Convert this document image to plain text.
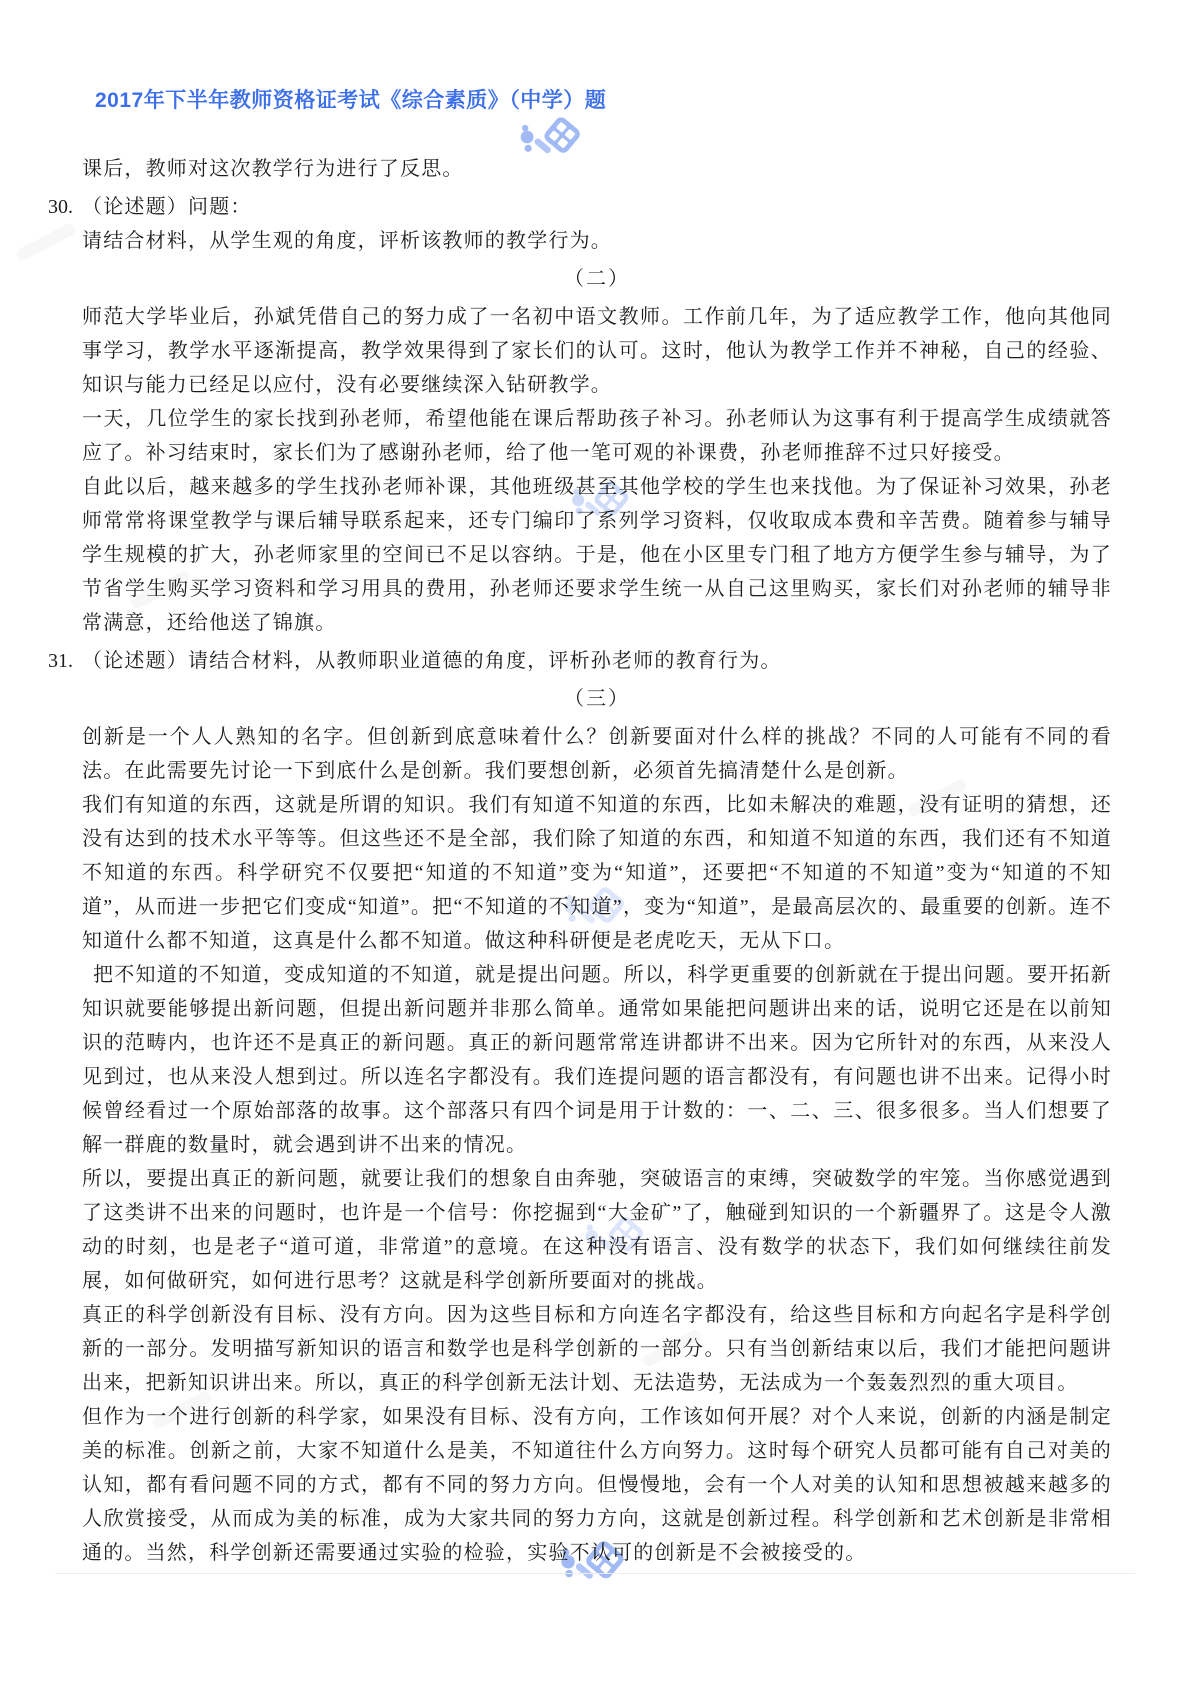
2017年下半年教师资格证考试《综合素质》（中学）题

课后，教师对这次教学行为进行了反思。

30. （论述题）问题：
请结合材料，从学生观的角度，评析该教师的教学行为。
（二）

师范大学毕业后，孙斌凭借自己的努力成了一名初中语文教师。工作前几年，为了适应教学工作，他向其他同事学习，教学水平逐渐提高，教学效果得到了家长们的认可。这时，他认为教学工作并不神秘，自己的经验、知识与能力已经足以应付，没有必要继续深入钻研教学。

一天，几位学生的家长找到孙老师，希望他能在课后帮助孩子补习。孙老师认为这事有利于提高学生成绩就答应了。补习结束时，家长们为了感谢孙老师，给了他一笔可观的补课费，孙老师推辞不过只好接受。

自此以后，越来越多的学生找孙老师补课，其他班级甚至其他学校的学生也来找他。为了保证补习效果，孙老师常常将课堂教学与课后辅导联系起来，还专门编印了系列学习资料，仅收取成本费和辛苦费。随着参与辅导学生规模的扩大，孙老师家里的空间已不足以容纳。于是，他在小区里专门租了地方方便学生参与辅导，为了节省学生购买学习资料和学习用具的费用，孙老师还要求学生统一从自己这里购买，家长们对孙老师的辅导非常满意，还给他送了锦旗。

31. （论述题）请结合材料，从教师职业道德的角度，评析孙老师的教育行为。
（三）

创新是一个人人熟知的名字。但创新到底意味着什么？创新要面对什么样的挑战？不同的人可能有不同的看法。在此需要先讨论一下到底什么是创新。我们要想创新，必须首先搞清楚什么是创新。

我们有知道的东西，这就是所谓的知识。我们有知道不知道的东西，比如未解决的难题，没有证明的猜想，还没有达到的技术水平等等。但这些还不是全部，我们除了知道的东西，和知道不知道的东西，我们还有不知道不知道的东西。科学研究不仅要把“知道的不知道”变为“知道”，还要把“不知道的不知道”变为“知道的不知道”，从而进一步把它们变成“知道”。把“不知道的不知道”，变为“知道”，是最高层次的、最重要的创新。连不知道什么都不知道，这真是什么都不知道。做这种科研便是老虎吃天，无从下口。

把不知道的不知道，变成知道的不知道，就是提出问题。所以，科学更重要的创新就在于提出问题。要开拓新知识就要能够提出新问题，但提出新问题并非那么简单。通常如果能把问题讲出来的话，说明它还是在以前知识的范畴内，也许还不是真正的新问题。真正的新问题常常连讲都讲不出来。因为它所针对的东西，从来没人见到过，也从来没人想到过。所以连名字都没有。我们连提问题的语言都没有，有问题也讲不出来。记得小时候曾经看过一个原始部落的故事。这个部落只有四个词是用于计数的：一、二、三、很多很多。当人们想要了解一群鹿的数量时，就会遇到讲不出来的情况。

所以，要提出真正的新问题，就要让我们的想象自由奔驰，突破语言的束缚，突破数学的牢笼。当你感觉遇到了这类讲不出来的问题时，也许是一个信号：你挖掘到“大金矿”了，触碰到知识的一个新疆界了。这是令人激动的时刻，也是老子“道可道，非常道”的意境。在这种没有语言、没有数学的状态下，我们如何继续往前发展，如何做研究，如何进行思考？这就是科学创新所要面对的挑战。

真正的科学创新没有目标、没有方向。因为这些目标和方向连名字都没有，给这些目标和方向起名字是科学创新的一部分。发明描写新知识的语言和数学也是科学创新的一部分。只有当创新结束以后，我们才能把问题讲出来，把新知识讲出来。所以，真正的科学创新无法计划、无法造势，无法成为一个轰轰烈烈的重大项目。

但作为一个进行创新的科学家，如果没有目标、没有方向，工作该如何开展？对个人来说，创新的内涵是制定美的标准。创新之前，大家不知道什么是美，不知道往什么方向努力。这时每个研究人员都可能有自己对美的认知，都有看问题不同的方式，都有不同的努力方向。但慢慢地，会有一个人对美的认知和思想被越来越多的人欣赏接受，从而成为美的标准，成为大家共同的努力方向，这就是创新过程。科学创新和艺术创新是非常相通的。当然，科学创新还需要通过实验的检验，实验不认可的创新是不会被接受的。
